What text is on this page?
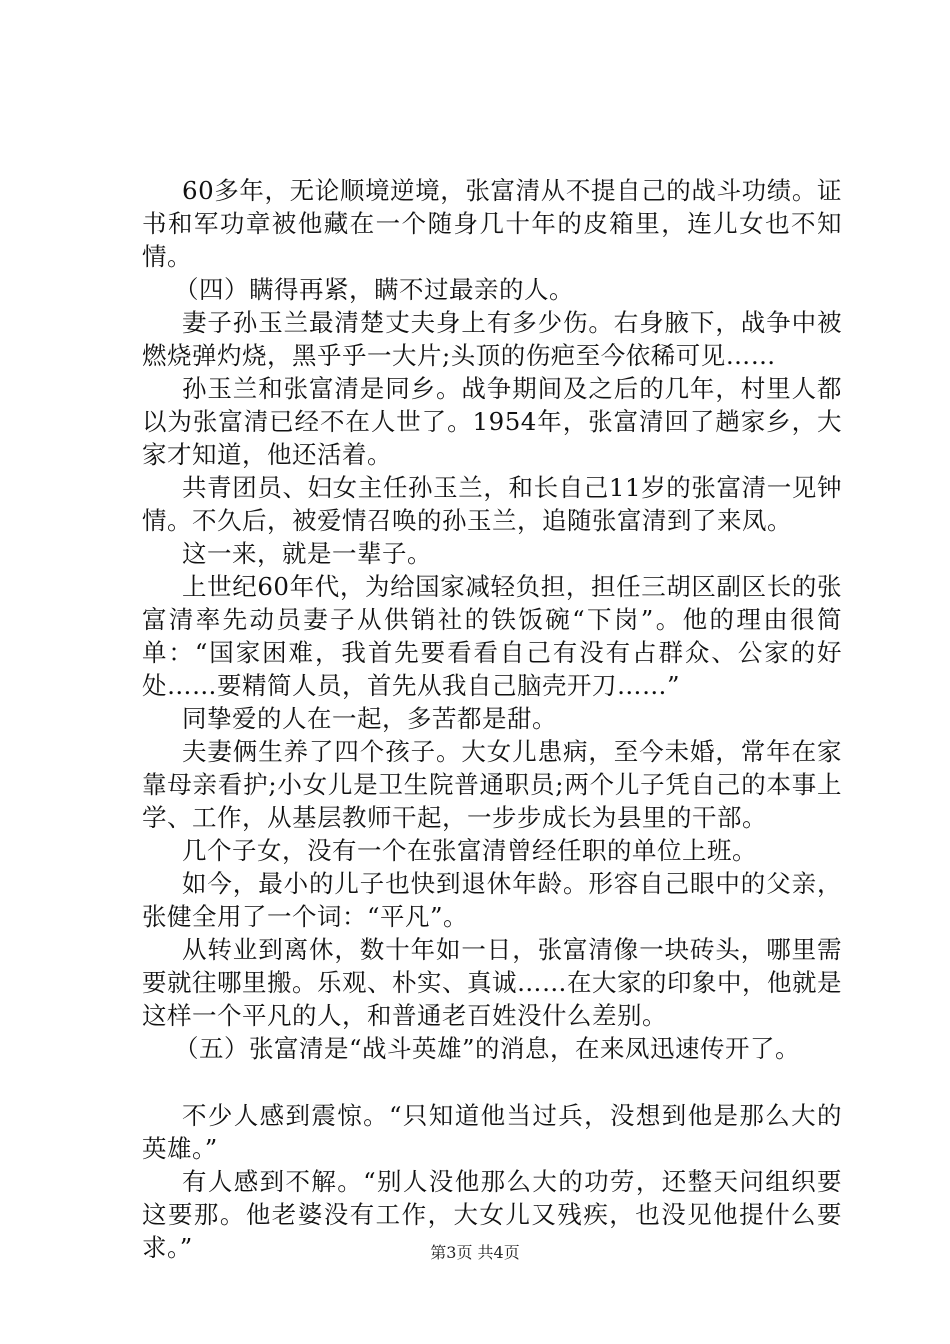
60多年，无论顺境逆境，张富清从不提自己的战斗功绩。证书和军功章被他藏在一个随身几十年的皮箱里，连儿女也不知情。

（四）瞒得再紧，瞒不过最亲的人。

妻子孙玉兰最清楚丈夫身上有多少伤。右身腋下，战争中被燃烧弹灼烧，黑乎乎一大片;头顶的伤疤至今依稀可见……

孙玉兰和张富清是同乡。战争期间及之后的几年，村里人都以为张富清已经不在人世了。1954年，张富清回了趟家乡，大家才知道，他还活着。

共青团员、妇女主任孙玉兰，和长自己11岁的张富清一见钟情。不久后，被爱情召唤的孙玉兰，追随张富清到了来凤。

这一来，就是一辈子。

上世纪60年代，为给国家减轻负担，担任三胡区副区长的张富清率先动员妻子从供销社的铁饭碗“下岗”。他的理由很简单：“国家困难，我首先要看看自己有没有占群众、公家的好处……要精简人员，首先从我自己脑壳开刀……”

同挚爱的人在一起，多苦都是甜。

夫妻俩生养了四个孩子。大女儿患病，至今未婚，常年在家靠母亲看护;小女儿是卫生院普通职员;两个儿子凭自己的本事上学、工作，从基层教师干起，一步步成长为县里的干部。

几个子女，没有一个在张富清曾经任职的单位上班。

如今，最小的儿子也快到退休年龄。形容自己眼中的父亲，张健全用了一个词：“平凡”。

从转业到离休，数十年如一日，张富清像一块砖头，哪里需要就往哪里搬。乐观、朴实、真诚……在大家的印象中，他就是这样一个平凡的人，和普通老百姓没什么差别。

（五）张富清是“战斗英雄”的消息，在来凤迅速传开了。

不少人感到震惊。“只知道他当过兵，没想到他是那么大的英雄。”

有人感到不解。“别人没他那么大的功劳，还整天问组织要这要那。他老婆没有工作，大女儿又残疾，也没见他提什么要求。”	第3页 共4页
